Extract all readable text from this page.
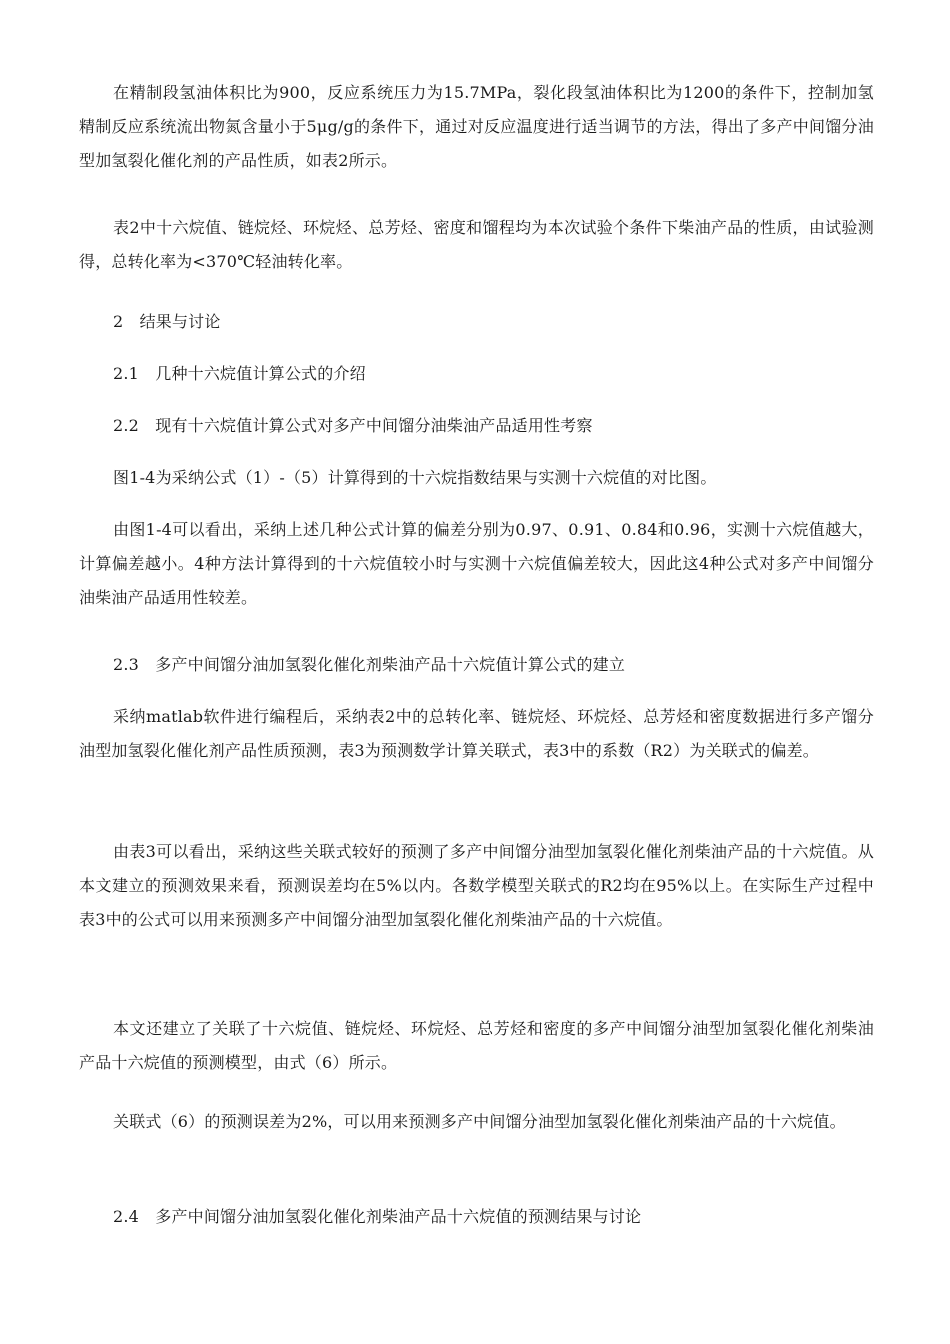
在精制段氢油体积比为900，反应系统压力为15.7MPa，裂化段氢油体积比为1200的条件下，控制加氢精制反应系统流出物氮含量小于5μg/g的条件下，通过对反应温度进行适当调节的方法，得出了多产中间馏分油型加氢裂化催化剂的产品性质，如表2所示。

表2中十六烷值、链烷烃、环烷烃、总芳烃、密度和馏程均为本次试验个条件下柴油产品的性质，由试验测得，总转化率为<370℃轻油转化率。

2　结果与讨论

2.1　几种十六烷值计算公式的介绍

2.2　现有十六烷值计算公式对多产中间馏分油柴油产品适用性考察

图1-4为采纳公式（1）-（5）计算得到的十六烷指数结果与实测十六烷值的对比图。

由图1-4可以看出，采纳上述几种公式计算的偏差分别为0.97、0.91、0.84和0.96，实测十六烷值越大，计算偏差越小。4种方法计算得到的十六烷值较小时与实测十六烷值偏差较大，因此这4种公式对多产中间馏分油柴油产品适用性较差。

2.3　多产中间馏分油加氢裂化催化剂柴油产品十六烷值计算公式的建立

采纳matlab软件进行编程后，采纳表2中的总转化率、链烷烃、环烷烃、总芳烃和密度数据进行多产馏分油型加氢裂化催化剂产品性质预测，表3为预测数学计算关联式，表3中的系数（R2）为关联式的偏差。

由表3可以看出，采纳这些关联式较好的预测了多产中间馏分油型加氢裂化催化剂柴油产品的十六烷值。从本文建立的预测效果来看，预测误差均在5%以内。各数学模型关联式的R2均在95%以上。在实际生产过程中表3中的公式可以用来预测多产中间馏分油型加氢裂化催化剂柴油产品的十六烷值。

本文还建立了关联了十六烷值、链烷烃、环烷烃、总芳烃和密度的多产中间馏分油型加氢裂化催化剂柴油产品十六烷值的预测模型，由式（6）所示。

关联式（6）的预测误差为2%，可以用来预测多产中间馏分油型加氢裂化催化剂柴油产品的十六烷值。

2.4　多产中间馏分油加氢裂化催化剂柴油产品十六烷值的预测结果与讨论
